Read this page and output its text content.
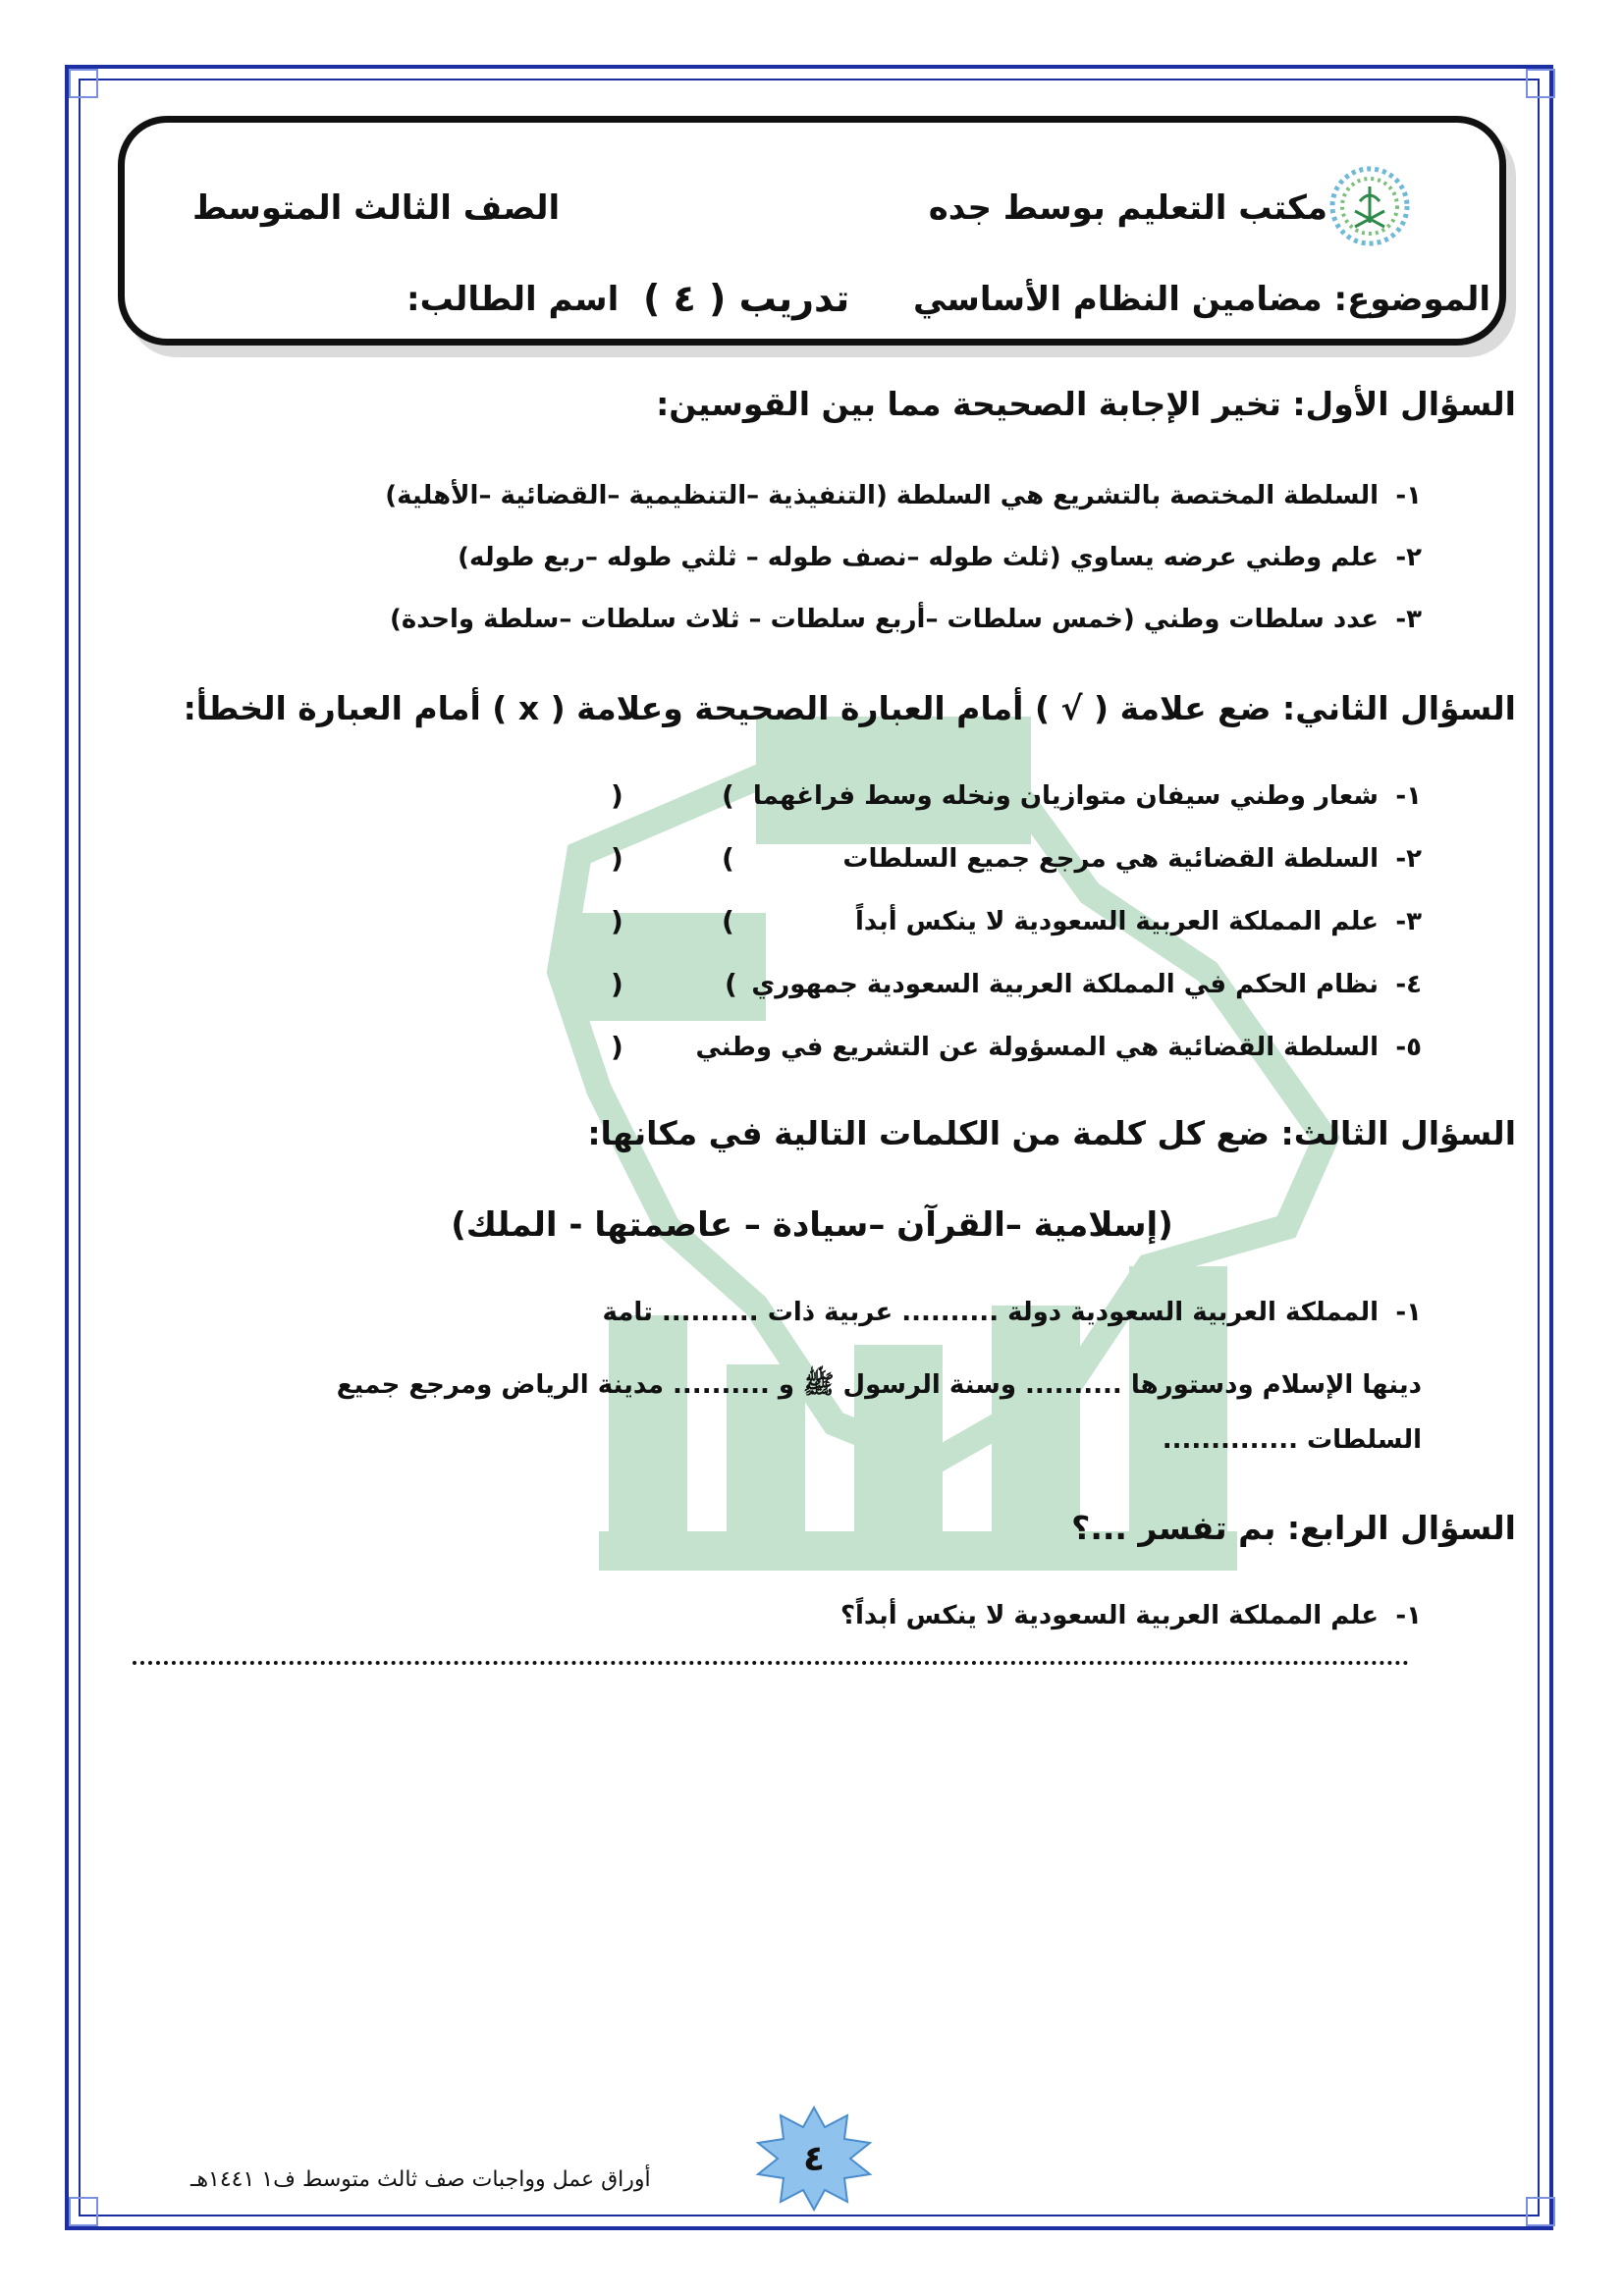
مكتب التعليم بوسط جده
الصف الثالث المتوسط
الموضوع: مضامين النظام الأساسي
تدريب ( ٤ )
اسم الطالب:
السؤال الأول: تخير الإجابة الصحيحة مما بين القوسين:
١-
السلطة المختصة بالتشريع هي السلطة (التنفيذية –التنظيمية –القضائية –الأهلية)
٢-
علم وطني عرضه يساوي (ثلث طوله –نصف طوله – ثلثي طوله –ربع طوله)
٣-
عدد سلطات وطني (خمس سلطات –أربع سلطات – ثلاث سلطات –سلطة واحدة)
السؤال الثاني: ضع علامة ( √ ) أمام العبارة الصحيحة وعلامة ( x ) أمام العبارة الخطأ:
١-
شعار وطني سيفان متوازيان ونخله وسط فراغهما
(
)
٢-
السلطة القضائية هي مرجع جميع السلطات
(
)
٣-
علم المملكة العربية السعودية لا ينكس أبداً
(
)
٤-
نظام الحكم في المملكة العربية السعودية جمهوري
(
)
٥-
السلطة القضائية هي المسؤولة عن التشريع في وطني
)
السؤال الثالث: ضع كل كلمة من الكلمات التالية في مكانها:
(إسلامية –القرآن –سيادة – عاصمتها - الملك)
١-
المملكة العربية السعودية دولة .......... عربية ذات .......... تامة
دينها الإسلام ودستورها .......... وسنة الرسول ﷺ و .......... مدينة الرياض ومرجع جميع
السلطات ..............
السؤال الرابع: بم تفسر ...؟
١-
علم المملكة العربية السعودية لا ينكس أبداً؟
٤
أوراق عمل وواجبات صف ثالث متوسط ف١ ١٤٤١هـ
